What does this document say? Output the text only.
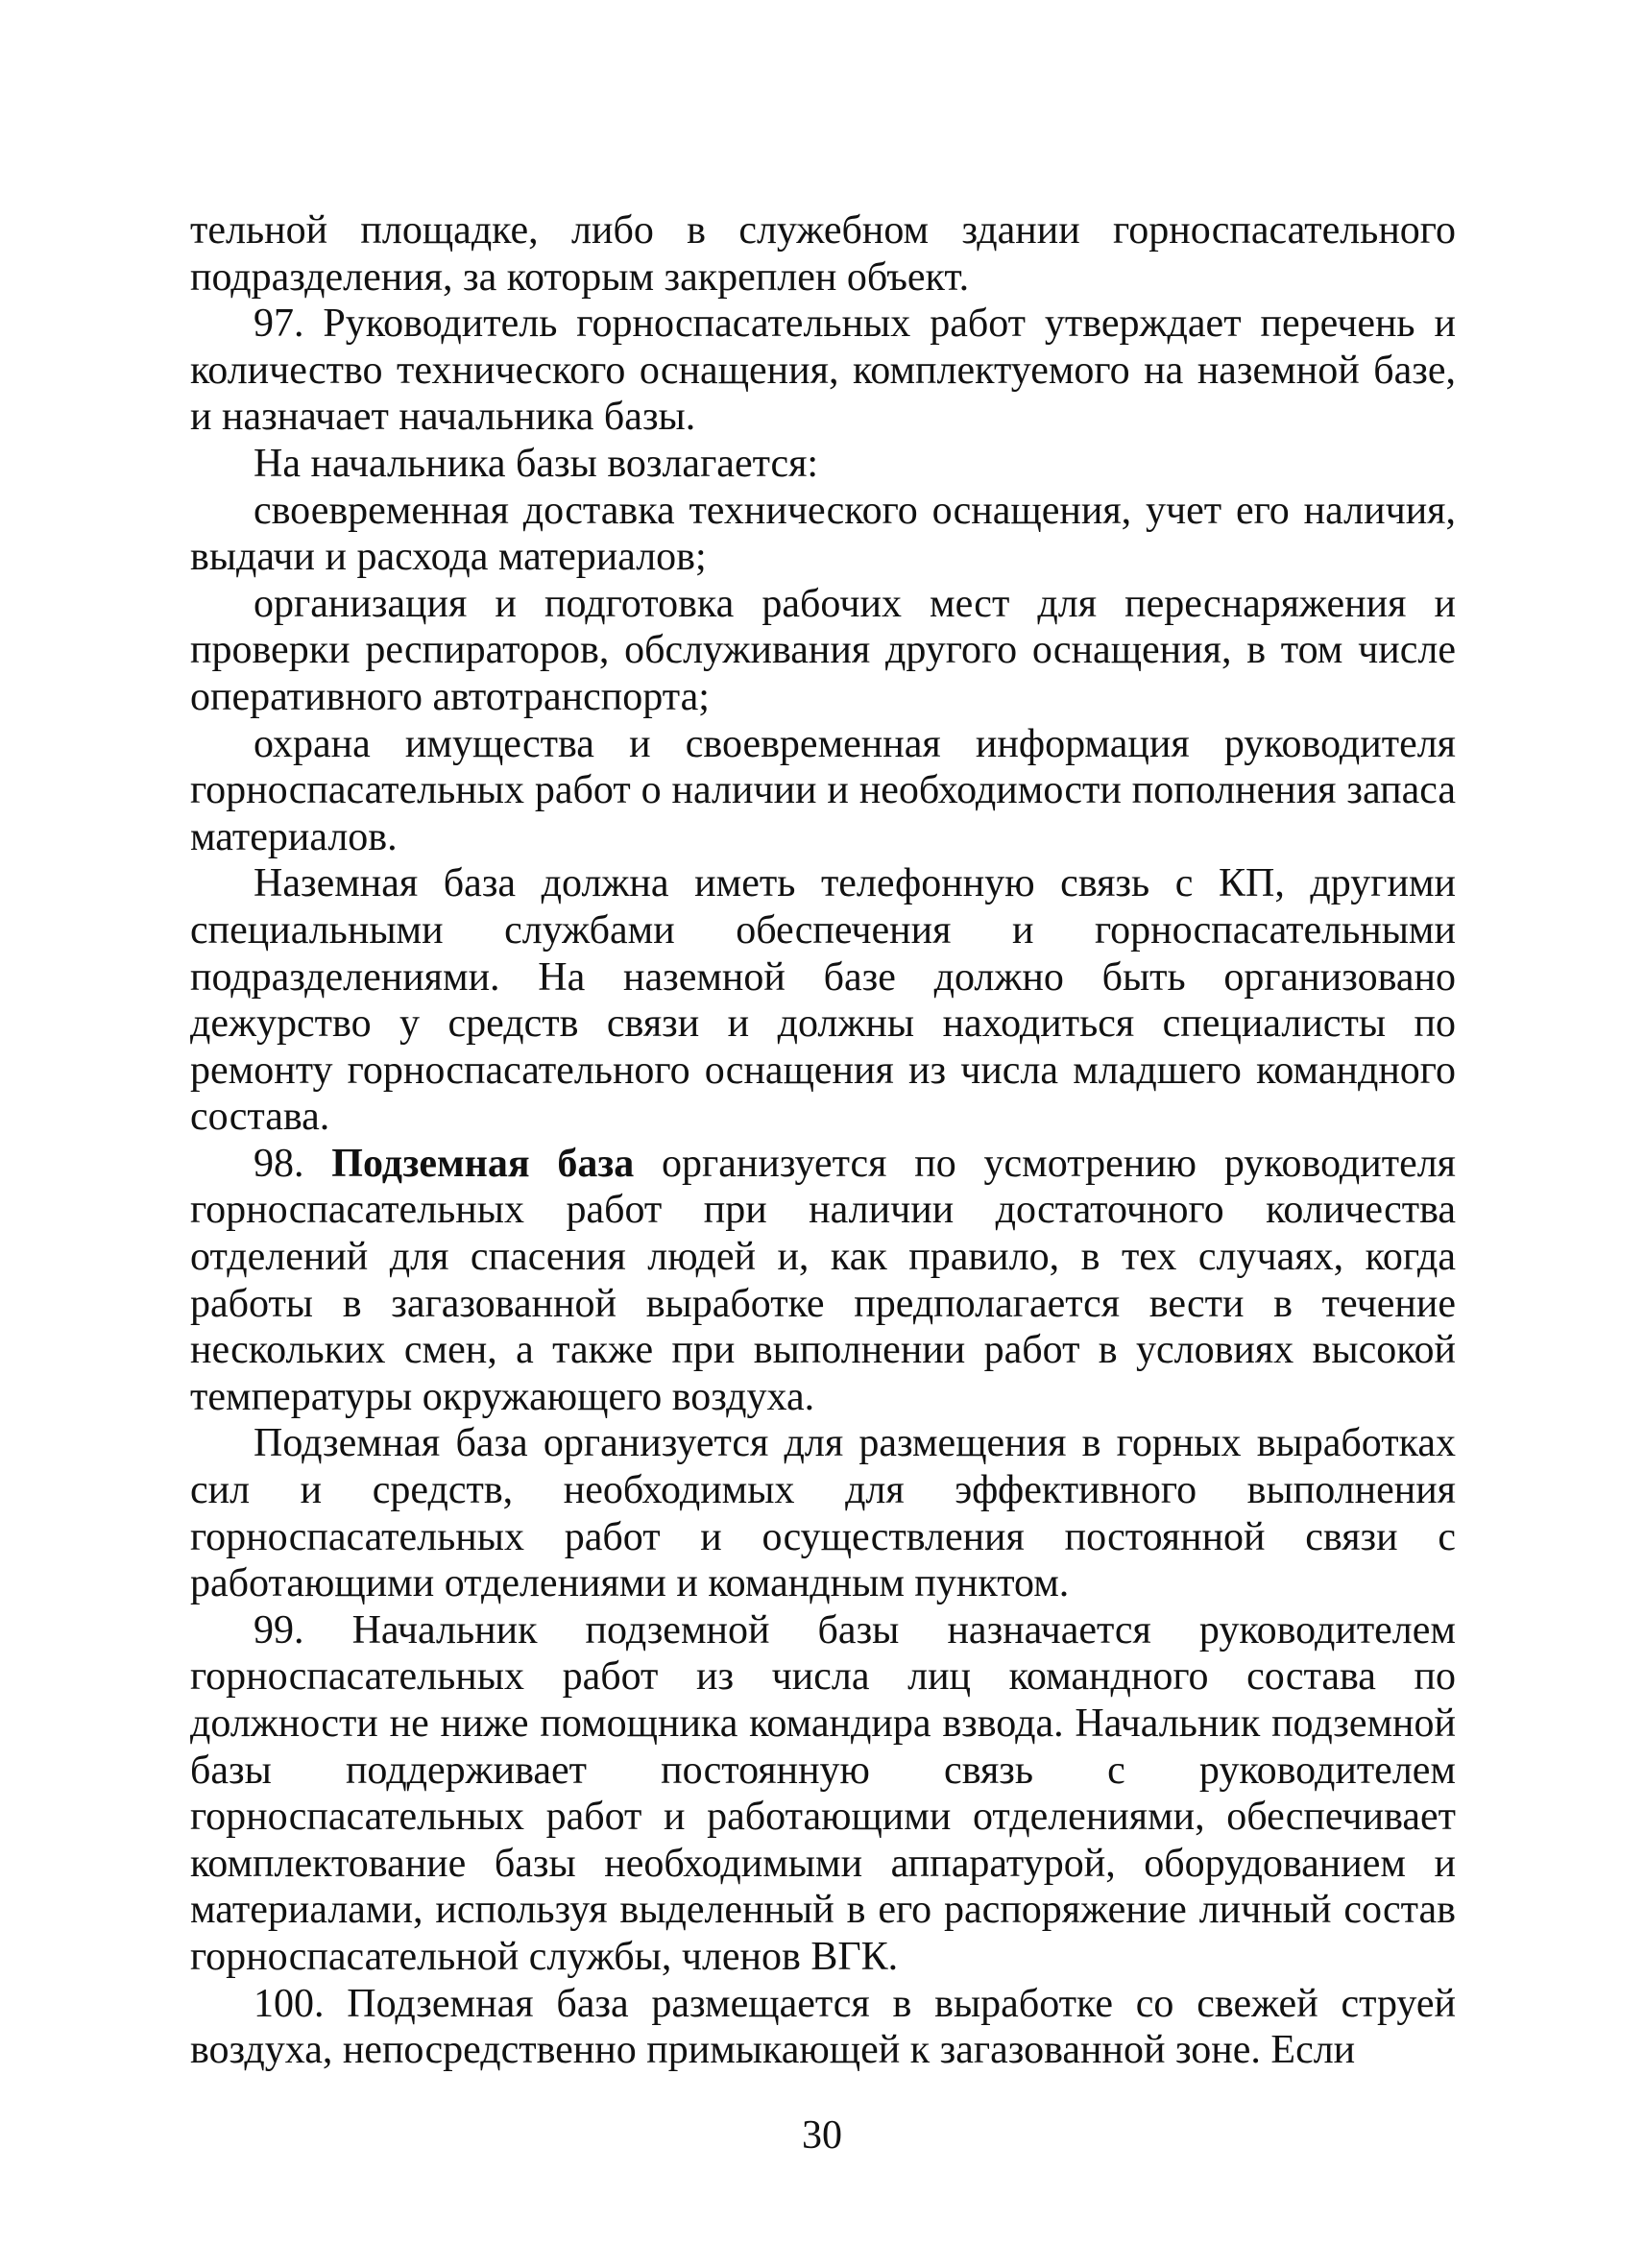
тельной площадке, либо в служебном здании горноспасательного подразделения, за которым закреплен объект.

97. Руководитель горноспасательных работ утверждает перечень и количество технического оснащения, комплектуемого на наземной базе, и назначает начальника базы.

На начальника базы возлагается:

своевременная доставка технического оснащения, учет его наличия, выдачи и расхода материалов;

организация и подготовка рабочих мест для переснаряжения и проверки респираторов, обслуживания другого оснащения, в том числе оперативного автотранспорта;

охрана имущества и своевременная информация руководителя горноспасательных работ о наличии и необходимости пополнения запаса материалов.

Наземная база должна иметь телефонную связь с КП, другими специальными службами обеспечения и горноспасательными подразделениями. На наземной базе должно быть организовано дежурство у средств связи и должны находиться специалисты по ремонту горноспасательного оснащения из числа младшего командного состава.

98. Подземная база организуется по усмотрению руководителя горноспасательных работ при наличии достаточного количества отделений для спасения людей и, как правило, в тех случаях, когда работы в загазованной выработке предполагается вести в течение нескольких смен, а также при выполнении работ в условиях высокой температуры окружающего воздуха.

Подземная база организуется для размещения в горных выработках сил и средств, необходимых для эффективного выполнения горноспасательных работ и осуществления постоянной связи с работающими отделениями и командным пунктом.

99. Начальник подземной базы назначается руководителем горноспасательных работ из числа лиц командного состава по должности не ниже помощника командира взвода. Начальник подземной базы поддерживает постоянную связь с руководителем горноспасательных работ и работающими отделениями, обеспечивает комплектование базы необходимыми аппаратурой, оборудованием и материалами, используя выделенный в его распоряжение личный состав горноспасательной службы, членов ВГК.

100. Подземная база размещается в выработке со свежей струей воздуха, непосредственно примыкающей к загазованной зоне. Если

30
